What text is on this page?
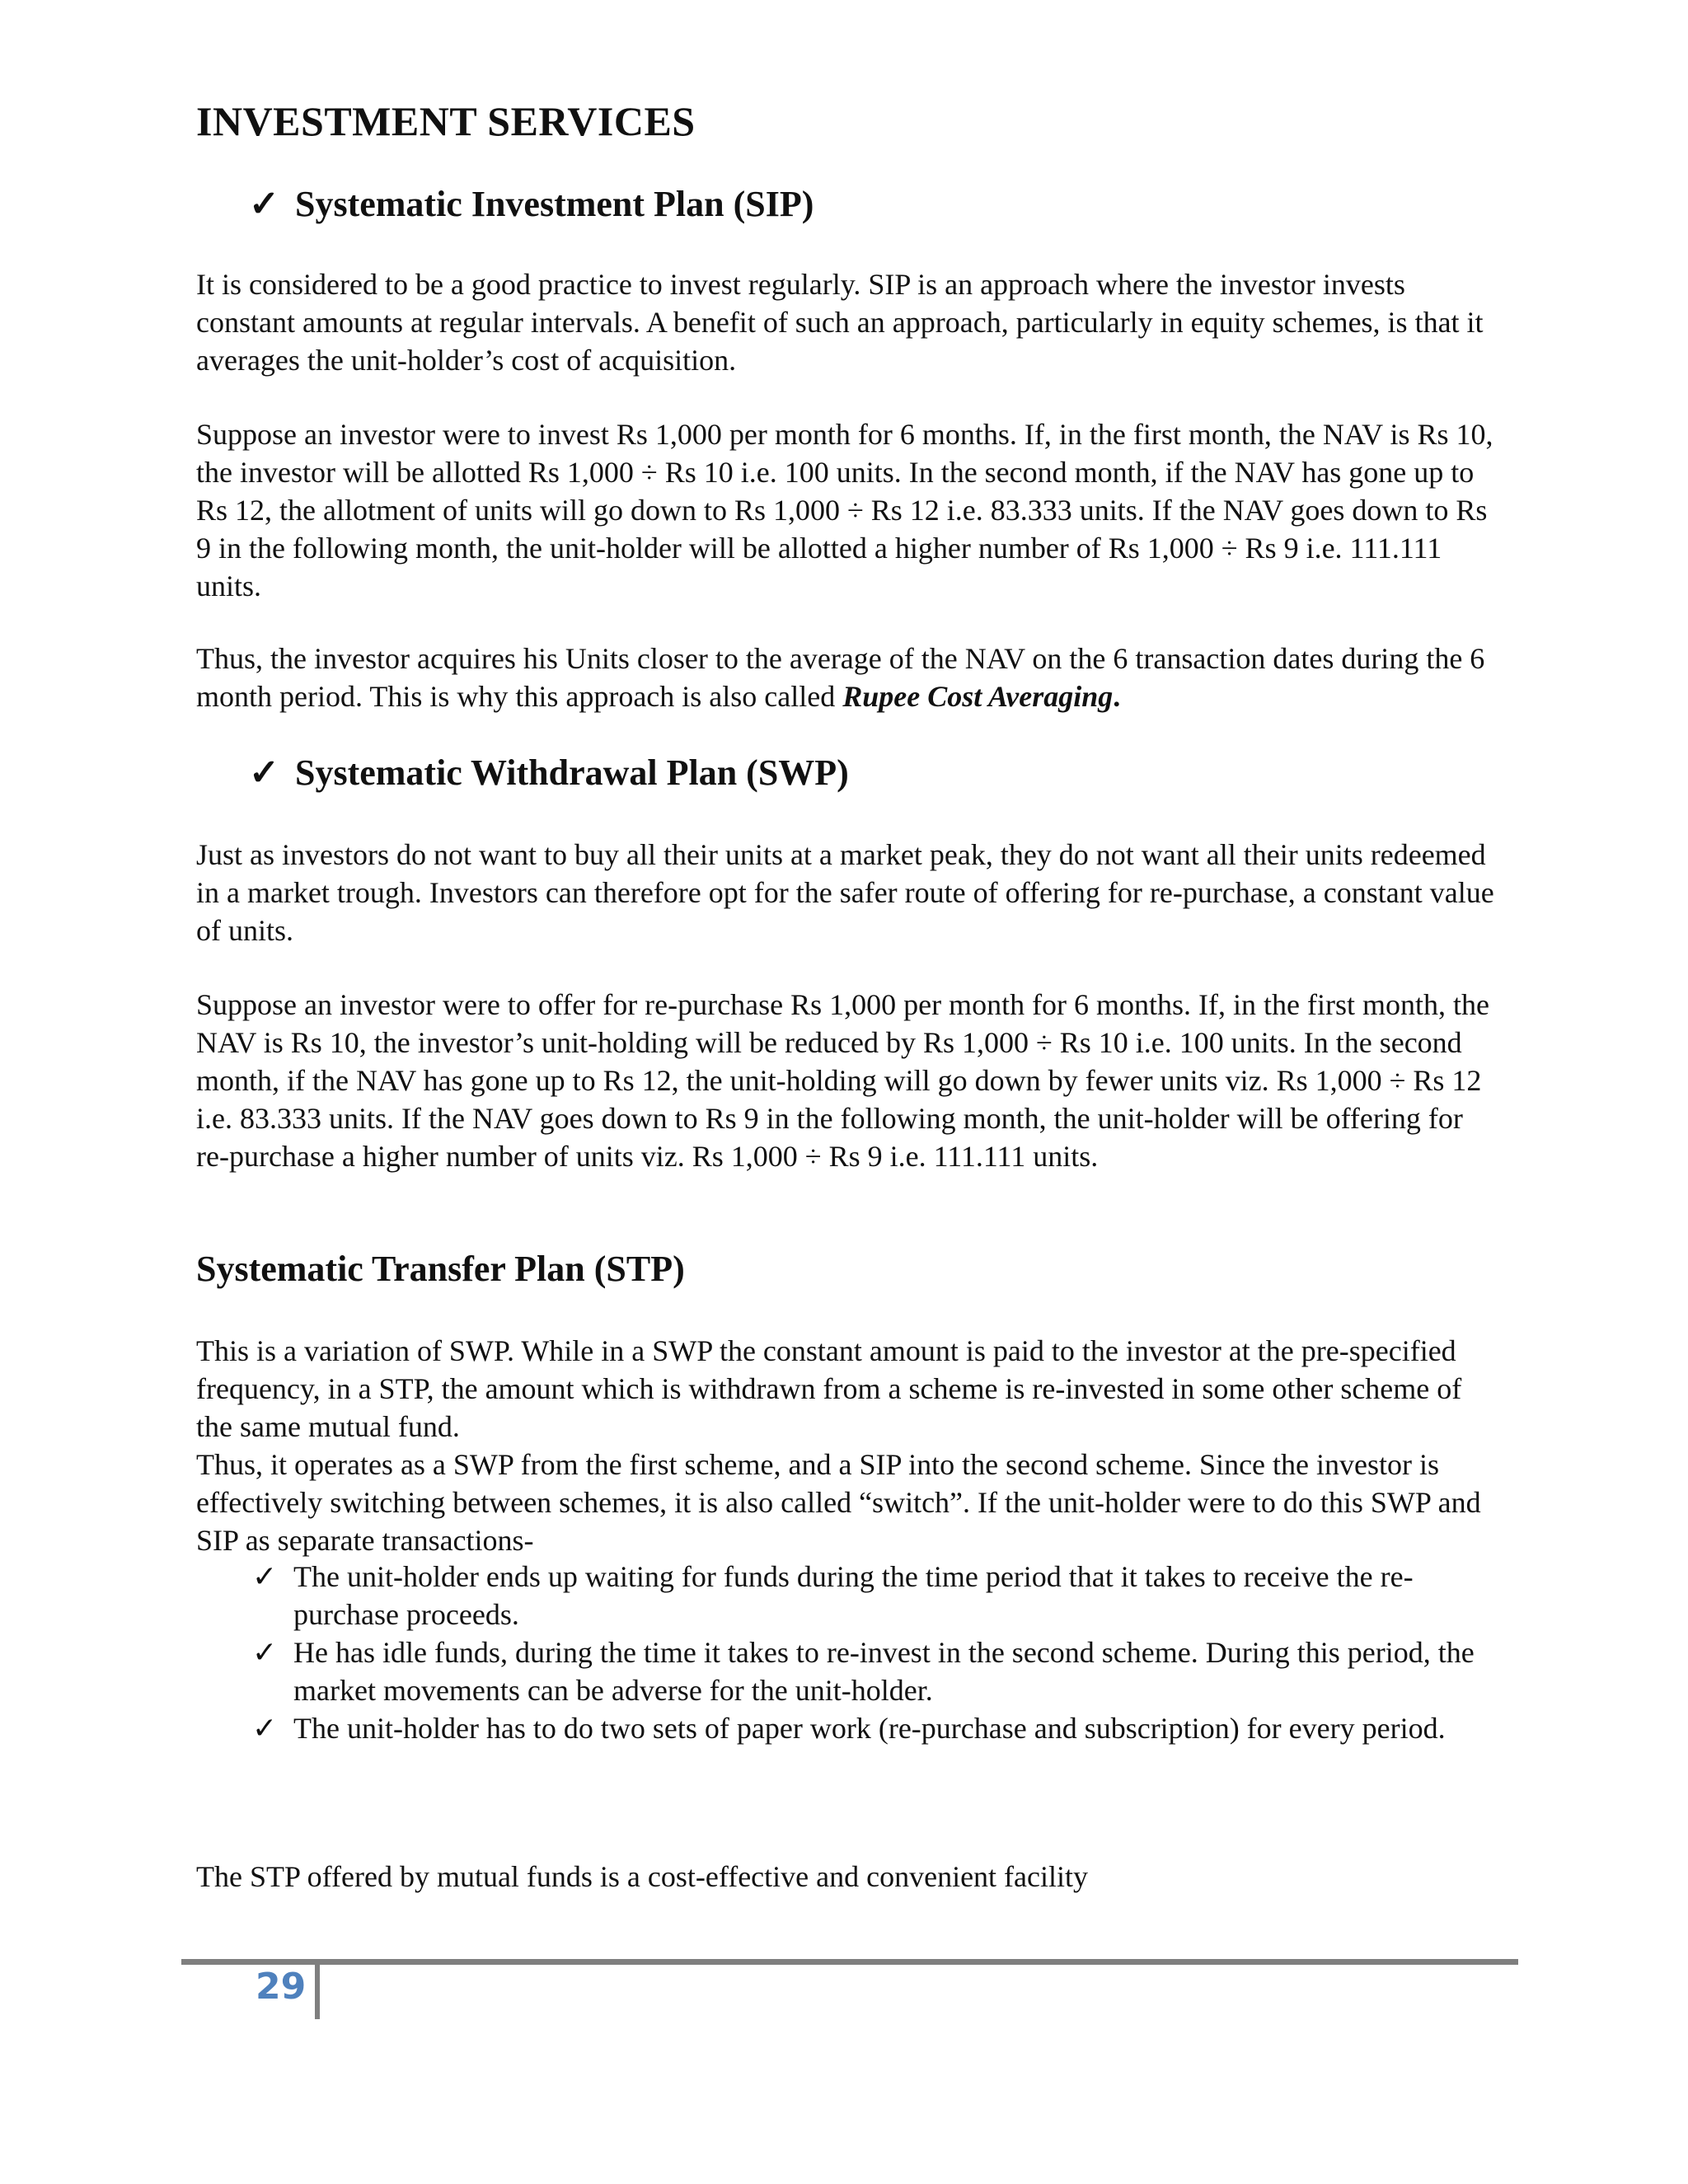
INVESTMENT SERVICES
✓ Systematic Investment Plan (SIP)

It is considered to be a good practice to invest regularly. SIP is an approach where the investor invests constant amounts at regular intervals. A benefit of such an approach, particularly in equity schemes, is that it averages the unit-holder’s cost of acquisition.

Suppose an investor were to invest Rs 1,000 per month for 6 months. If, in the first month, the NAV is Rs 10, the investor will be allotted Rs 1,000 ÷ Rs 10 i.e. 100 units. In the second month, if the NAV has gone up to Rs 12, the allotment of units will go down to Rs 1,000 ÷ Rs 12 i.e. 83.333 units. If the NAV goes down to Rs 9 in the following month, the unit-holder will be allotted a higher number of Rs 1,000 ÷ Rs 9 i.e. 111.111 units.

Thus, the investor acquires his Units closer to the average of the NAV on the 6 transaction dates during the 6 month period. This is why this approach is also called Rupee Cost Averaging.

✓ Systematic Withdrawal Plan (SWP)

Just as investors do not want to buy all their units at a market peak, they do not want all their units redeemed in a market trough. Investors can therefore opt for the safer route of offering for re-purchase, a constant value of units.

Suppose an investor were to offer for re-purchase Rs 1,000 per month for 6 months. If, in the first month, the NAV is Rs 10, the investor’s unit-holding will be reduced by Rs 1,000 ÷ Rs 10 i.e. 100 units. In the second month, if the NAV has gone up to Rs 12, the unit-holding will go down by fewer units viz. Rs 1,000 ÷ Rs 12 i.e. 83.333 units. If the NAV goes down to Rs 9 in the following month, the unit-holder will be offering for re-purchase a higher number of units viz. Rs 1,000 ÷ Rs 9 i.e. 111.111 units.

Systematic Transfer Plan (STP)

This is a variation of SWP. While in a SWP the constant amount is paid to the investor at the pre-specified frequency, in a STP, the amount which is withdrawn from a scheme is re-invested in some other scheme of the same mutual fund.

Thus, it operates as a SWP from the first scheme, and a SIP into the second scheme. Since the investor is effectively switching between schemes, it is also called “switch”. If the unit-holder were to do this SWP and SIP as separate transactions-

✓ The unit-holder ends up waiting for funds during the time period that it takes to receive the re-purchase proceeds.
✓ He has idle funds, during the time it takes to re-invest in the second scheme. During this period, the market movements can be adverse for the unit-holder.
✓ The unit-holder has to do two sets of paper work (re-purchase and subscription) for every period.

The STP offered by mutual funds is a cost-effective and convenient facility

29
